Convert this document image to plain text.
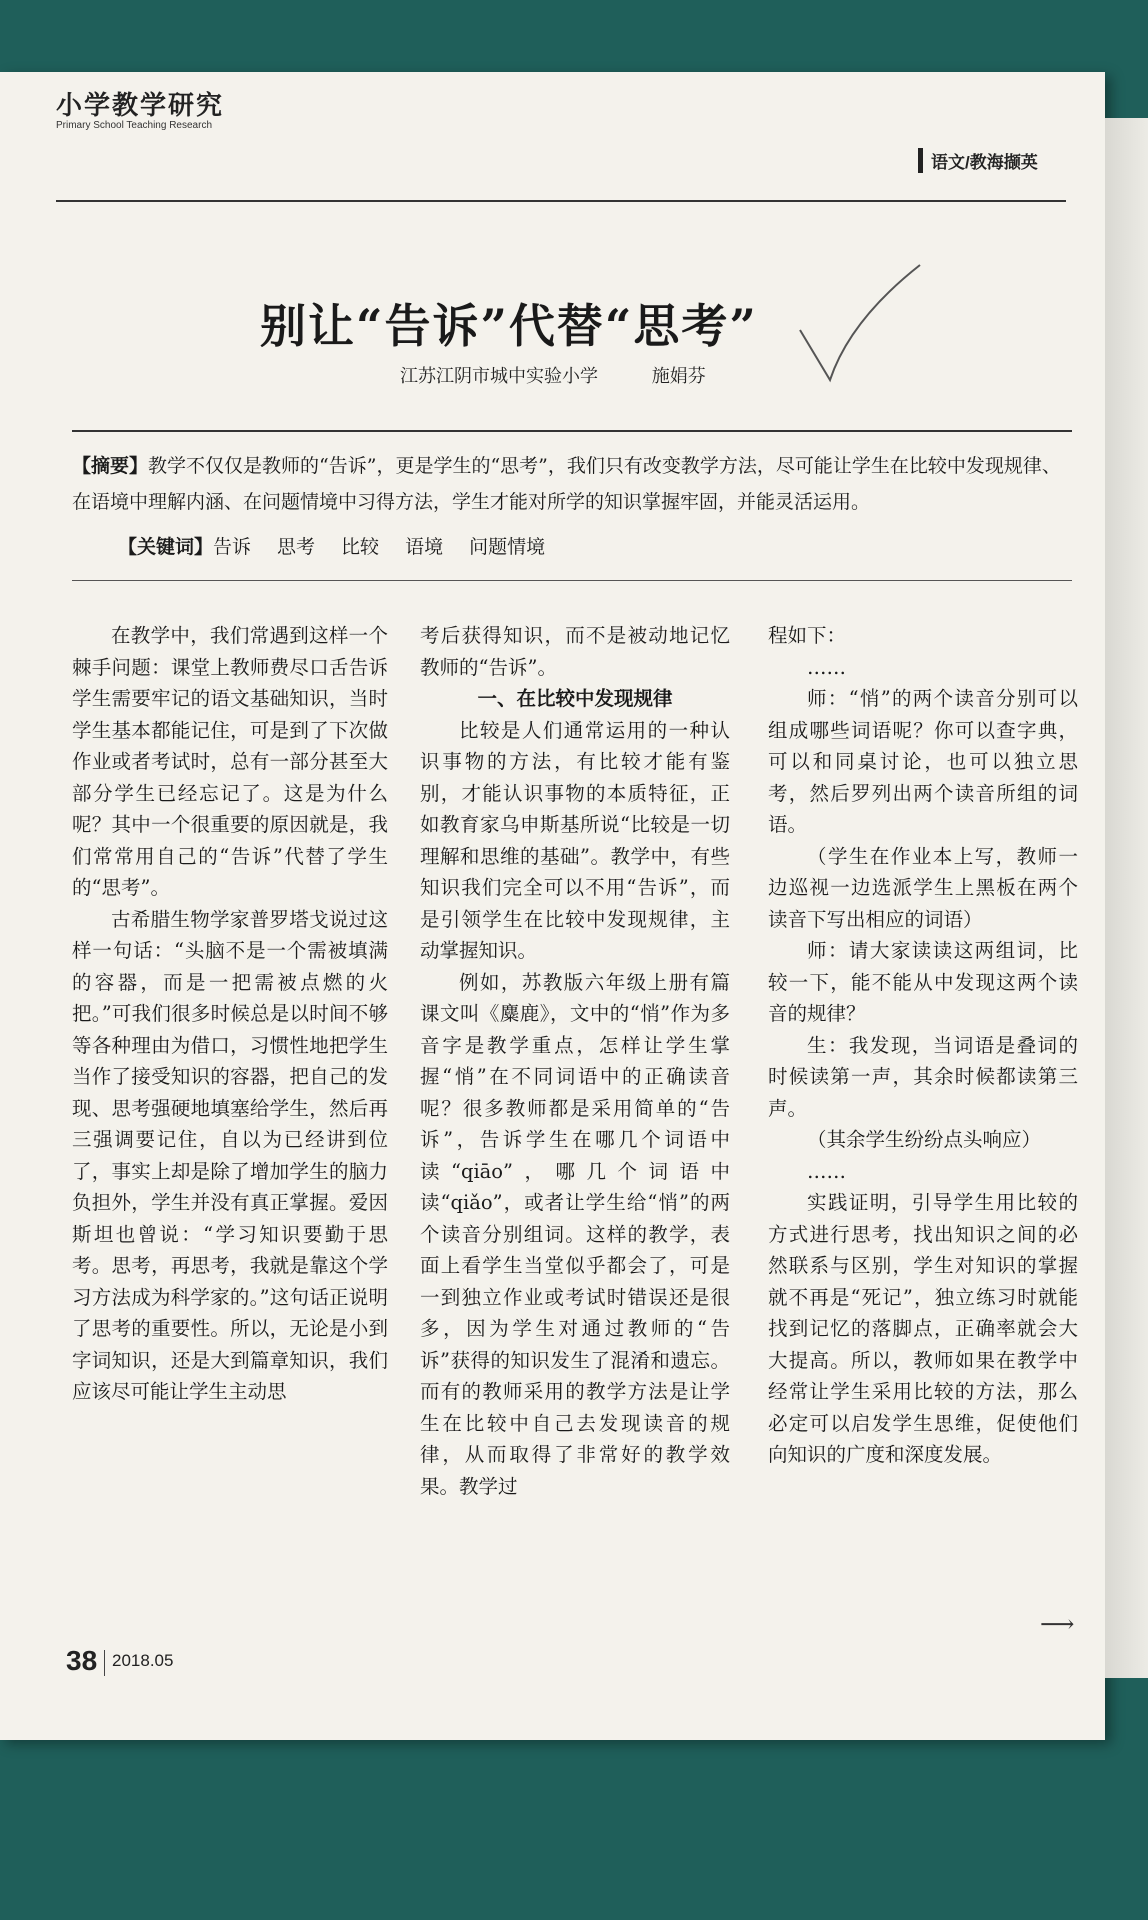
小学教学研究
Primary School Teaching Research
语文/教海撷英
别让“告诉”代替“思考”
江苏江阴市城中实验小学	施娟芬
【摘要】教学不仅仅是教师的“告诉”，更是学生的“思考”，我们只有改变教学方法，尽可能让学生在比较中发现规律、在语境中理解内涵、在问题情境中习得方法，学生才能对所学的知识掌握牢固，并能灵活运用。
【关键词】告诉 思考 比较 语境 问题情境

在教学中，我们常遇到这样一个棘手问题：课堂上教师费尽口舌告诉学生需要牢记的语文基础知识，当时学生基本都能记住，可是到了下次做作业或者考试时，总有一部分甚至大部分学生已经忘记了。这是为什么呢？其中一个很重要的原因就是，我们常常用自己的“告诉”代替了学生的“思考”。

古希腊生物学家普罗塔戈说过这样一句话：“头脑不是一个需被填满的容器，而是一把需被点燃的火把。”可我们很多时候总是以时间不够等各种理由为借口，习惯性地把学生当作了接受知识的容器，把自己的发现、思考强硬地填塞给学生，然后再三强调要记住，自以为已经讲到位了，事实上却是除了增加学生的脑力负担外，学生并没有真正掌握。爱因斯坦也曾说：“学习知识要勤于思考。思考，再思考，我就是靠这个学习方法成为科学家的。”这句话正说明了思考的重要性。所以，无论是小到字词知识，还是大到篇章知识，我们应该尽可能让学生主动思

考后获得知识，而不是被动地记忆教师的“告诉”。

一、在比较中发现规律

比较是人们通常运用的一种认识事物的方法，有比较才能有鉴别，才能认识事物的本质特征，正如教育家乌申斯基所说“比较是一切理解和思维的基础”。教学中，有些知识我们完全可以不用“告诉”，而是引领学生在比较中发现规律，主动掌握知识。

例如，苏教版六年级上册有篇课文叫《麋鹿》，文中的“悄”作为多音字是教学重点，怎样让学生掌握“悄”在不同词语中的正确读音呢？很多教师都是采用简单的“告诉”，告诉学生在哪几个词语中读“qiāo”，哪几个词语中读“qiǎo”，或者让学生给“悄”的两个读音分别组词。这样的教学，表面上看学生当堂似乎都会了，可是一到独立作业或考试时错误还是很多，因为学生对通过教师的“告诉”获得的知识发生了混淆和遗忘。而有的教师采用的教学方法是让学生在比较中自己去发现读音的规律，从而取得了非常好的教学效果。教学过

程如下：

……

师：“悄”的两个读音分别可以组成哪些词语呢？你可以查字典，可以和同桌讨论，也可以独立思考，然后罗列出两个读音所组的词语。

（学生在作业本上写，教师一边巡视一边选派学生上黑板在两个读音下写出相应的词语）

师：请大家读读这两组词，比较一下，能不能从中发现这两个读音的规律？

生：我发现，当词语是叠词的时候读第一声，其余时候都读第三声。

（其余学生纷纷点头响应）

……

实践证明，引导学生用比较的方式进行思考，找出知识之间的必然联系与区别，学生对知识的掌握就不再是“死记”，独立练习时就能找到记忆的落脚点，正确率就会大大提高。所以，教师如果在教学中经常让学生采用比较的方法，那么必定可以启发学生思维，促使他们向知识的广度和深度发展。

⟶
38 2018.05
